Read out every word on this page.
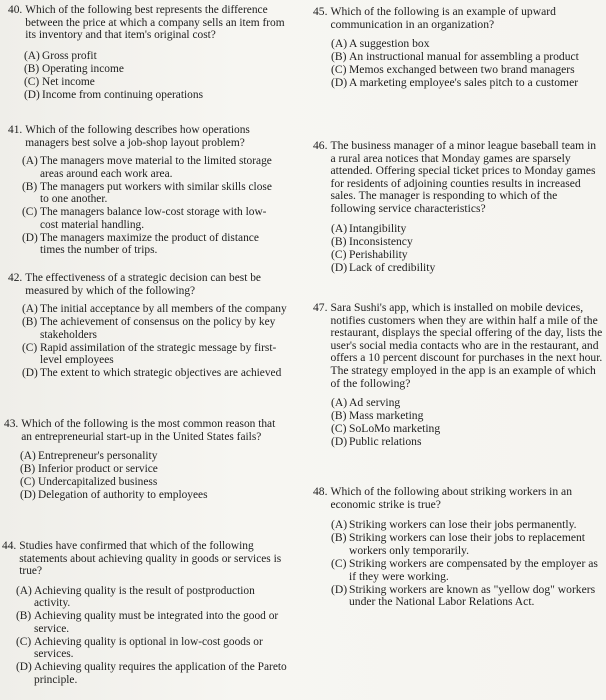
40. Which of the following best represents the difference between the price at which a company sells an item from its inventory and that item's original cost?
(A) Gross profit
(B) Operating income
(C) Net income
(D) Income from continuing operations
41. Which of the following describes how operations managers best solve a job-shop layout problem?
(A) The managers move material to the limited storage areas around each work area.
(B) The managers put workers with similar skills close to one another.
(C) The managers balance low-cost storage with low-cost material handling.
(D) The managers maximize the product of distance times the number of trips.
42. The effectiveness of a strategic decision can best be measured by which of the following?
(A) The initial acceptance by all members of the company
(B) The achievement of consensus on the policy by key stakeholders
(C) Rapid assimilation of the strategic message by first-level employees
(D) The extent to which strategic objectives are achieved
43. Which of the following is the most common reason that an entrepreneurial start-up in the United States fails?
(A) Entrepreneur's personality
(B) Inferior product or service
(C) Undercapitalized business
(D) Delegation of authority to employees
44. Studies have confirmed that which of the following statements about achieving quality in goods or services is true?
(A) Achieving quality is the result of postproduction activity.
(B) Achieving quality must be integrated into the good or service.
(C) Achieving quality is optional in low-cost goods or services.
(D) Achieving quality requires the application of the Pareto principle.
45. Which of the following is an example of upward communication in an organization?
(A) A suggestion box
(B) An instructional manual for assembling a product
(C) Memos exchanged between two brand managers
(D) A marketing employee's sales pitch to a customer
46. The business manager of a minor league baseball team in a rural area notices that Monday games are sparsely attended. Offering special ticket prices to Monday games for residents of adjoining counties results in increased sales. The manager is responding to which of the following service characteristics?
(A) Intangibility
(B) Inconsistency
(C) Perishability
(D) Lack of credibility
47. Sara Sushi's app, which is installed on mobile devices, notifies customers when they are within half a mile of the restaurant, displays the special offering of the day, lists the user's social media contacts who are in the restaurant, and offers a 10 percent discount for purchases in the next hour. The strategy employed in the app is an example of which of the following?
(A) Ad serving
(B) Mass marketing
(C) SoLoMo marketing
(D) Public relations
48. Which of the following about striking workers in an economic strike is true?
(A) Striking workers can lose their jobs permanently.
(B) Striking workers can lose their jobs to replacement workers only temporarily.
(C) Striking workers are compensated by the employer as if they were working.
(D) Striking workers are known as "yellow dog" workers under the National Labor Relations Act.
